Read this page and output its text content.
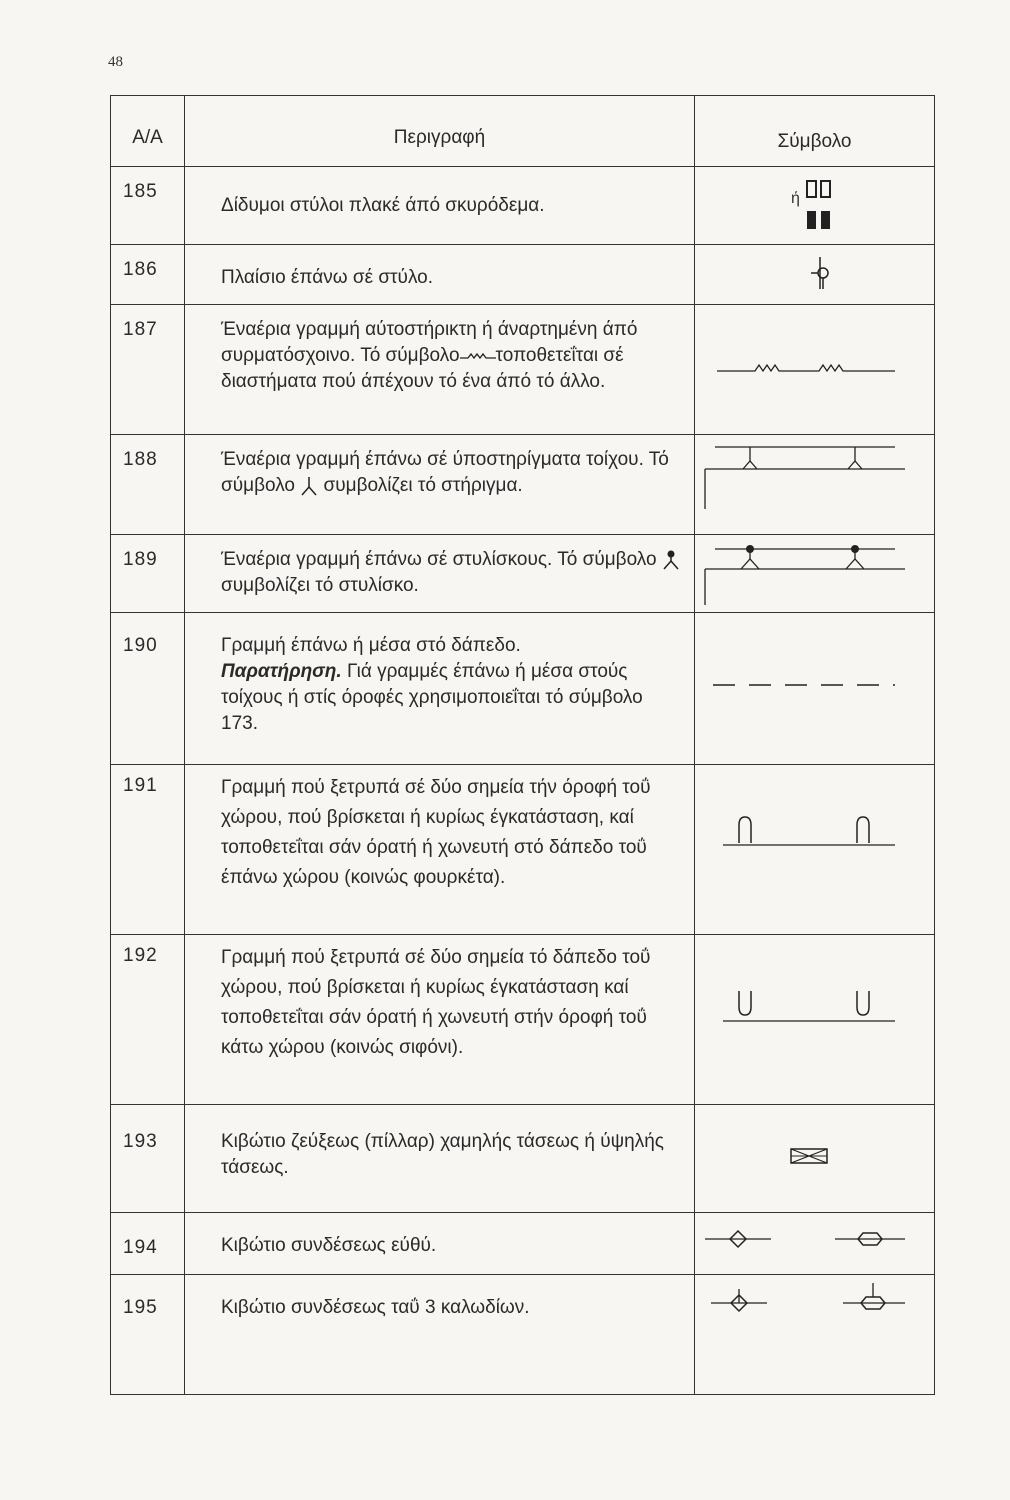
48
A/A	Περιγραφή	Σύμβολο

185	Δίδυμοι στύλοι πλακέ άπό σκυρόδεμα.	ή

186	Πλαίσιο έπάνω σέ στύλο.

187	Έναέρια γραμμή αύτοστήρικτη ή άναρτημένη άπό συρματόσχοινο. Τό σύμβολο τοποθετεΐται σέ διαστήματα πού άπέχουν τό ένα άπό τό άλλο.

188	Έναέρια γραμμή έπάνω σέ ύποστηρίγματα τοίχου. Τό σύμβολο συμβολίζει τό στήριγμα.

189	Έναέρια γραμμή έπάνω σέ στυλίσκους. Τό σύμβολο  συμβολίζει τό στυλίσκο.

190	Γραμμή έπάνω ή μέσα στό δάπεδο.
Παρατήρηση. Γιά γραμμές έπάνω ή μέσα στούς τοίχους ή στίς όροφές χρησιμοποιεΐται τό σύμβολο 173.

191	Γραμμή πού ξετρυπά σέ δύο σημεία τήν όροφή τοΰ χώρου, πού βρίσκεται ή κυρίως έγκατάσταση, καί τοποθετεΐται σάν όρατή ή χωνευτή στό δάπεδο τοΰ έπάνω χώρου (κοινώς φουρκέτα).

192	Γραμμή πού ξετρυπά σέ δύο σημεία τό δάπεδο τοΰ χώρου, πού βρίσκεται ή κυρίως έγκατάσταση καί τοποθετεΐται σάν όρατή ή χωνευτή στήν όροφή τοΰ κάτω χώρου (κοινώς σιφόνι).

193	Κιβώτιο ζεύξεως (πίλλαρ) χαμηλής τάσεως ή ύψηλής τάσεως.

194	Κιβώτιο συνδέσεως εύθύ.

195	Κιβώτιο συνδέσεως ταΰ 3 καλωδίων.
